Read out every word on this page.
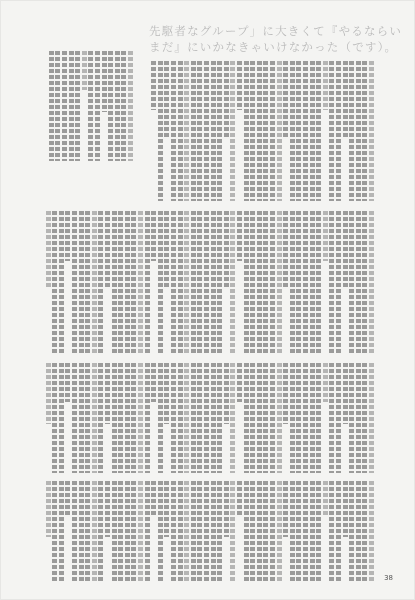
先駆者なグループ」に大きくて『やるならいまだ』にいかなきゃいけなかった（です）。
38
